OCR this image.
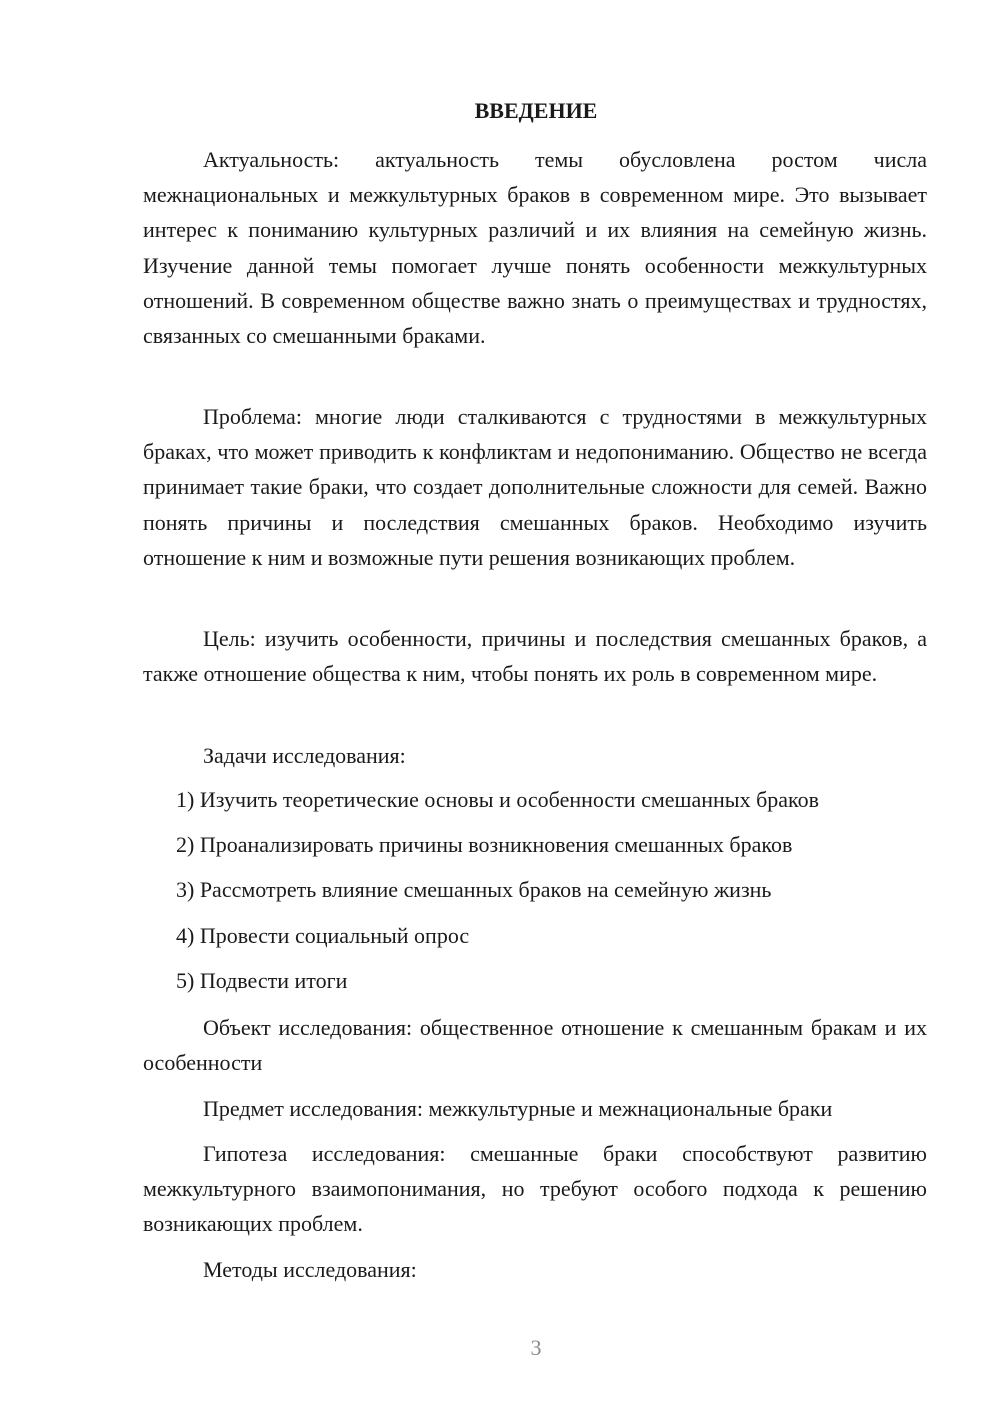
ВВЕДЕНИЕ
Актуальность: актуальность темы обусловлена ростом числа межнациональных и межкультурных браков в современном мире. Это вызывает интерес к пониманию культурных различий и их влияния на семейную жизнь. Изучение данной темы помогает лучше понять особенности межкультурных отношений. В современном обществе важно знать о преимуществах и трудностях, связанных со смешанными браками.
Проблема: многие люди сталкиваются с трудностями в межкультурных браках, что может приводить к конфликтам и недопониманию. Общество не всегда принимает такие браки, что создает дополнительные сложности для семей. Важно понять причины и последствия смешанных браков. Необходимо изучить отношение к ним и возможные пути решения возникающих проблем.
Цель: изучить особенности, причины и последствия смешанных браков, а также отношение общества к ним, чтобы понять их роль в современном мире.
Задачи исследования:
1) Изучить теоретические основы и особенности смешанных браков
2) Проанализировать причины возникновения смешанных браков
3) Рассмотреть влияние смешанных браков на семейную жизнь
4) Провести социальный опрос
5) Подвести итоги
Объект исследования: общественное отношение к смешанным бракам и их особенности
Предмет исследования: межкультурные и межнациональные браки
Гипотеза исследования: смешанные браки способствуют развитию межкультурного взаимопонимания, но требуют особого подхода к решению возникающих проблем.
Методы исследования:
3
